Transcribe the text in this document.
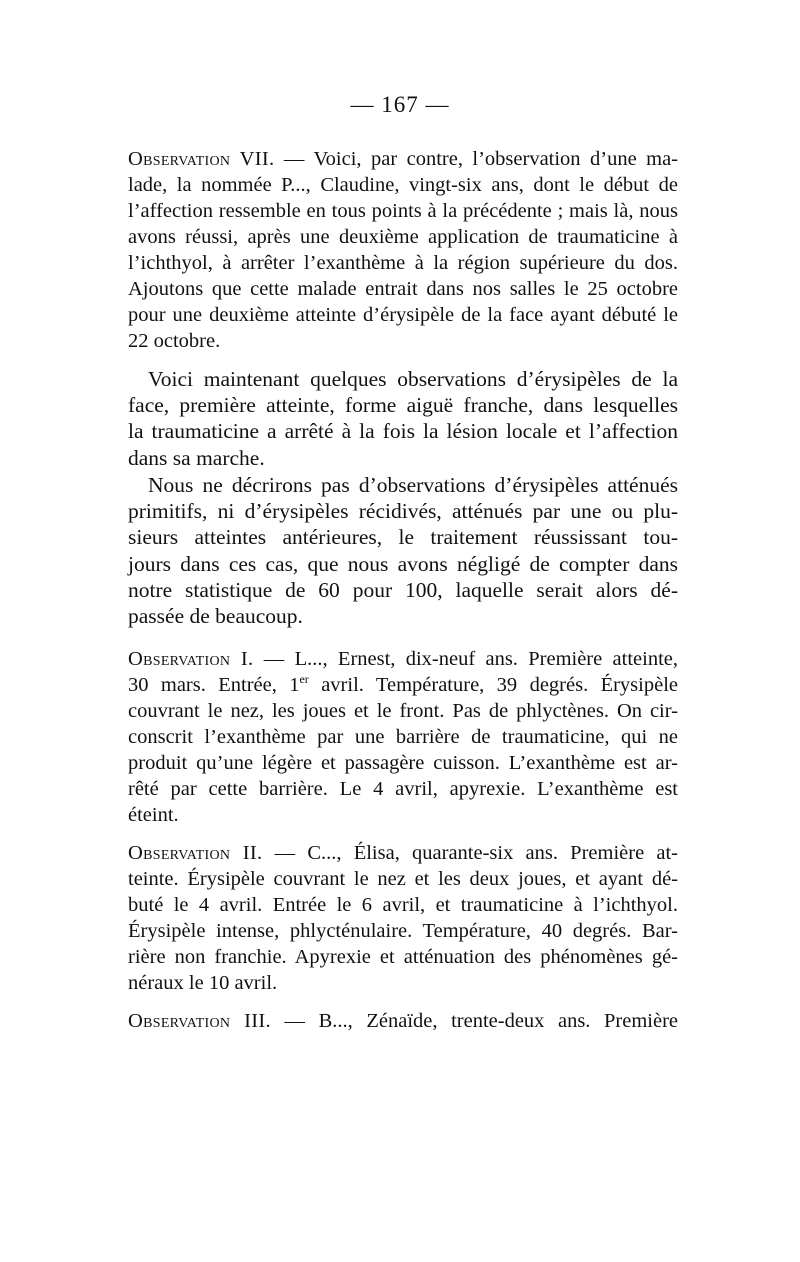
— 167 —
Observation VII. — Voici, par contre, l’observation d’une ma-
lade, la nommée P..., Claudine, vingt-six ans, dont le début de
l’affection ressemble en tous points à la précédente ; mais là, nous
avons réussi, après une deuxième application de traumaticine à
l’ichthyol, à arrêter l’exanthème à la région supérieure du dos.
Ajoutons que cette malade entrait dans nos salles le 25 octobre
pour une deuxième atteinte d’érysipèle de la face ayant débuté le
22 octobre.
Voici maintenant quelques observations d’érysipèles de la
face, première atteinte, forme aiguë franche, dans lesquelles
la traumaticine a arrêté à la fois la lésion locale et l’affection
dans sa marche.
Nous ne décrirons pas d’observations d’érysipèles atténués
primitifs, ni d’érysipèles récidivés, atténués par une ou plu-
sieurs atteintes antérieures, le traitement réussissant tou-
jours dans ces cas, que nous avons négligé de compter dans
notre statistique de 60 pour 100, laquelle serait alors dé-
passée de beaucoup.
Observation I. — L..., Ernest, dix-neuf ans. Première atteinte,
30 mars. Entrée, 1er avril. Température, 39 degrés. Érysipèle
couvrant le nez, les joues et le front. Pas de phlyctènes. On cir-
conscrit l’exanthème par une barrière de traumaticine, qui ne
produit qu’une légère et passagère cuisson. L’exanthème est ar-
rêté par cette barrière. Le 4 avril, apyrexie. L’exanthème est
éteint.
Observation II. — C..., Élisa, quarante-six ans. Première at-
teinte. Érysipèle couvrant le nez et les deux joues, et ayant dé-
buté le 4 avril. Entrée le 6 avril, et traumaticine à l’ichthyol.
Érysipèle intense, phlycténulaire. Température, 40 degrés. Bar-
rière non franchie. Apyrexie et atténuation des phénomènes gé-
néraux le 10 avril.
Observation III. — B..., Zénaïde, trente-deux ans. Première
